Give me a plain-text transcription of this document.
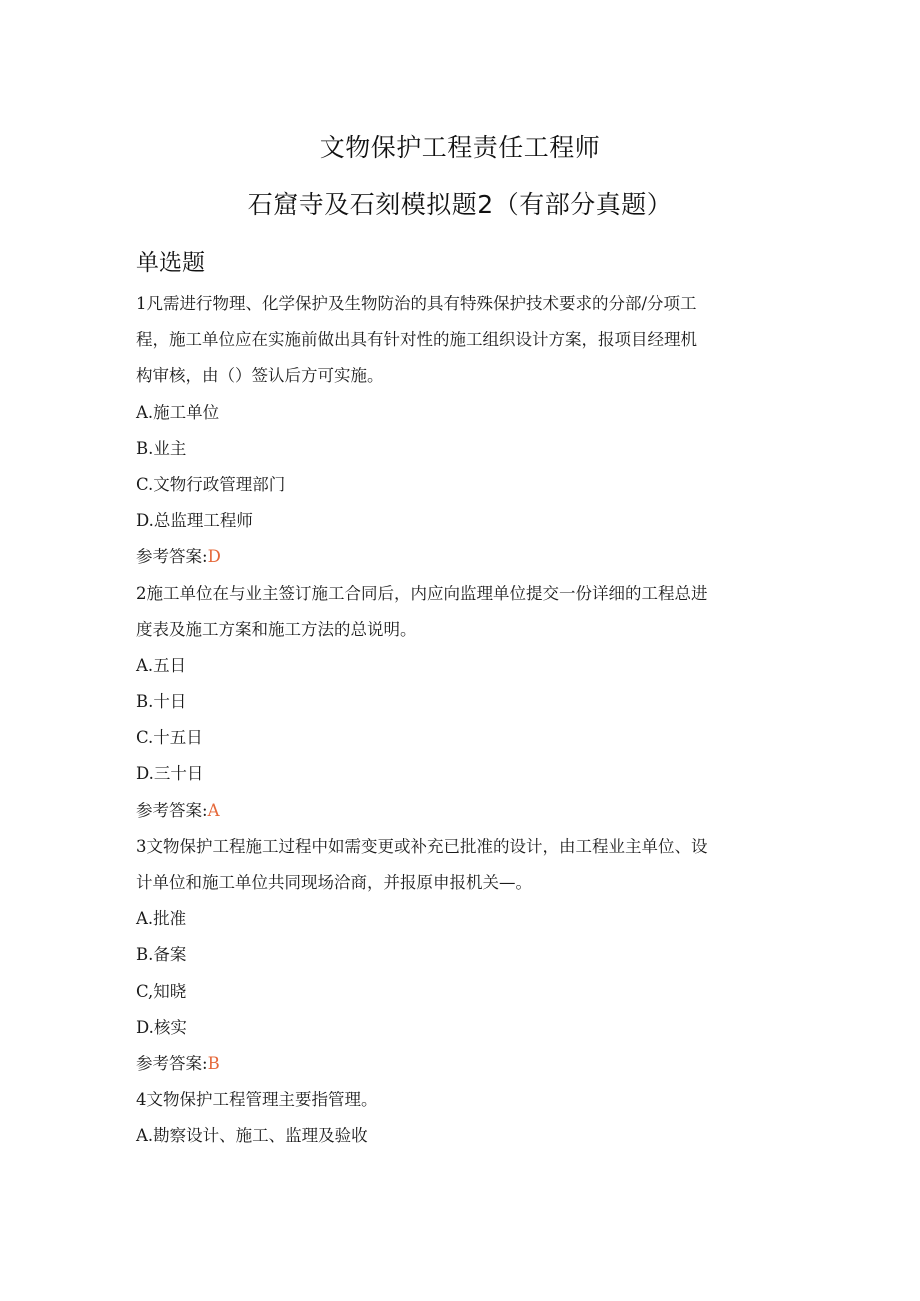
文物保护工程责任工程师
石窟寺及石刻模拟题2（有部分真题）
单选题

1凡需进行物理、化学保护及生物防治的具有特殊保护技术要求的分部/分项工

程，施工单位应在实施前做出具有针对性的施工组织设计方案，报项目经理机

构审核，由（）签认后方可实施。

A.施工单位

B.业主

C.文物行政管理部门

D.总监理工程师

参考答案:D

2施工单位在与业主签订施工合同后，内应向监理单位提交一份详细的工程总进

度表及施工方案和施工方法的总说明。

A.五日

B.十日

C.十五日

D.三十日

参考答案:A

3文物保护工程施工过程中如需变更或补充已批准的设计，由工程业主单位、设

计单位和施工单位共同现场洽商，并报原申报机关—。

A.批准

B.备案

C,知晓

D.核实

参考答案:B

4文物保护工程管理主要指管理。

A.勘察设计、施工、监理及验收
